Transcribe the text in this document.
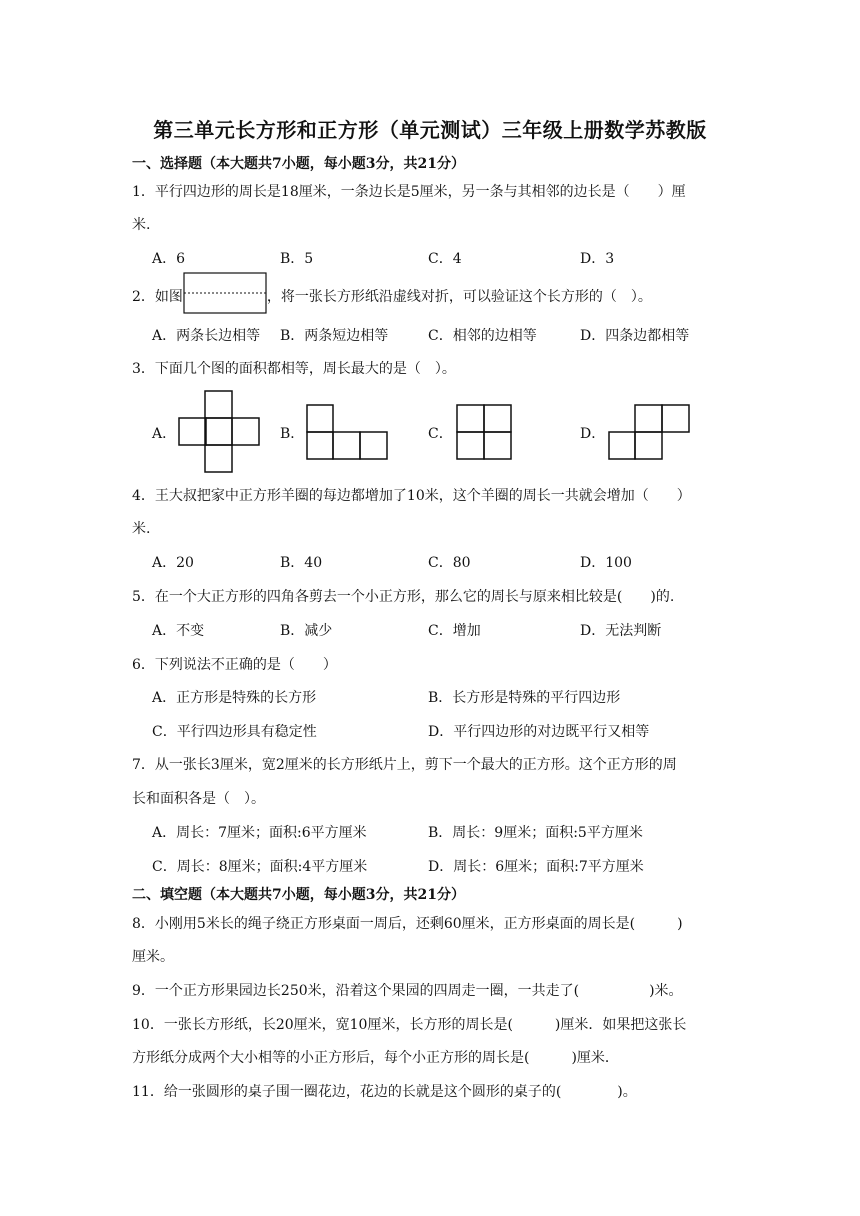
第三单元长方形和正方形（单元测试）三年级上册数学苏教版
一、选择题（本大题共7小题，每小题3分，共21分）
1．平行四边形的周长是18厘米，一条边长是5厘米，另一条与其相邻的边长是（　　）厘
米.
A．6	B．5	C．4	D．3
2．如图	，将一张长方形纸沿虚线对折，可以验证这个长方形的（　）。
A．两条长边相等 B．两条短边相等	C．相邻的边相等	D．四条边都相等
3．下面几个图的面积都相等，周长最大的是（　）。
A．	B．	C．	D．
4．王大叔把家中正方形羊圈的每边都增加了10米，这个羊圈的周长一共就会增加（　　）
米.
A．20	B．40	C．80	D．100
5．在一个大正方形的四角各剪去一个小正方形，那么它的周长与原来相比较是(　　)的.
A．不变	B．减少	C．增加	D．无法判断
6．下列说法不正确的是（　　）
A．正方形是特殊的长方形	B．长方形是特殊的平行四边形
C．平行四边形具有稳定性	D．平行四边形的对边既平行又相等
7．从一张长3厘米，宽2厘米的长方形纸片上，剪下一个最大的正方形。这个正方形的周
长和面积各是（　）。
A．周长：7厘米；面积:6平方厘米	B．周长：9厘米；面积:5平方厘米
C．周长：8厘米；面积:4平方厘米	D．周长：6厘米；面积:7平方厘米
二、填空题（本大题共7小题，每小题3分，共21分）
8．小刚用5米长的绳子绕正方形桌面一周后，还剩60厘米，正方形桌面的周长是(　　　)
厘米。
9．一个正方形果园边长250米，沿着这个果园的四周走一圈，一共走了(　　　　　)米。
10．一张长方形纸，长20厘米，宽10厘米，长方形的周长是(　　　)厘米．如果把这张长
方形纸分成两个大小相等的小正方形后，每个小正方形的周长是(　　　)厘米．
11．给一张圆形的桌子围一圈花边，花边的长就是这个圆形的桌子的(　　　　)。
